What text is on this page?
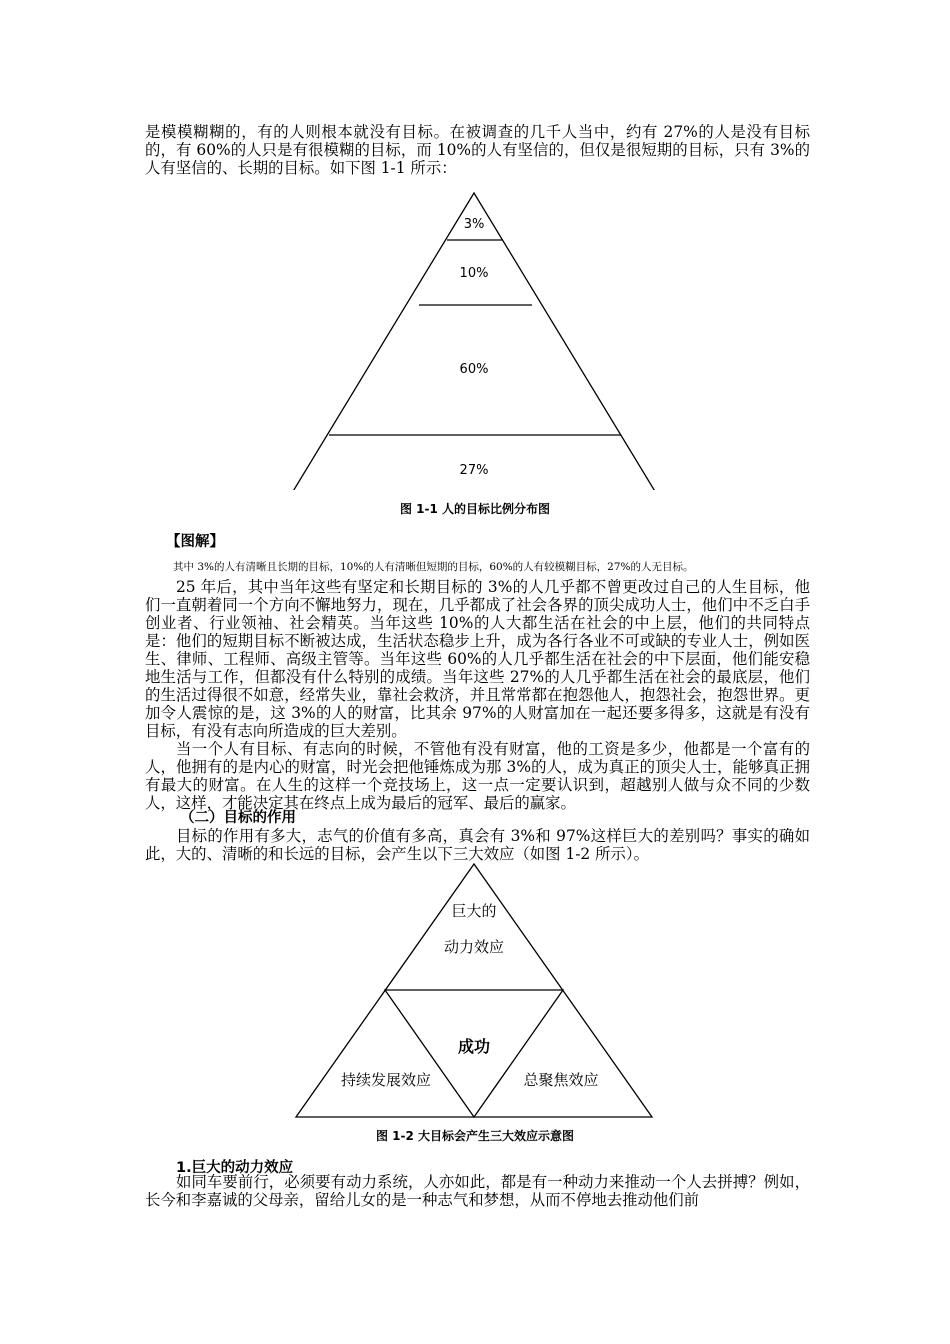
是模模糊糊的，有的人则根本就没有目标。在被调查的几千人当中，约有 27%的人是没有目标的，有 60%的人只是有很模糊的目标，而 10%的人有坚信的，但仅是很短期的目标，只有 3%的人有坚信的、长期的目标。如下图 1-1 所示：

3%
10%
60%
27%
图 1-1 人的目标比例分布图
【图解】

其中 3%的人有清晰且长期的目标，10%的人有清晰但短期的目标，60%的人有较模糊目标，27%的人无目标。

25 年后，其中当年这些有坚定和长期目标的 3%的人几乎都不曾更改过自己的人生目标，他们一直朝着同一个方向不懈地努力，现在，几乎都成了社会各界的顶尖成功人士，他们中不乏白手创业者、行业领袖、社会精英。当年这些 10%的人大都生活在社会的中上层，他们的共同特点是：他们的短期目标不断被达成，生活状态稳步上升，成为各行各业不可或缺的专业人士，例如医生、律师、工程师、高级主管等。当年这些 60%的人几乎都生活在社会的中下层面，他们能安稳地生活与工作，但都没有什么特别的成绩。当年这些 27%的人几乎都生活在社会的最底层，他们的生活过得很不如意，经常失业，靠社会救济，并且常常都在抱怨他人，抱怨社会，抱怨世界。更加令人震惊的是，这 3%的人的财富，比其余 97%的人财富加在一起还要多得多，这就是有没有目标，有没有志向所造成的巨大差别。

当一个人有目标、有志向的时候，不管他有没有财富，他的工资是多少，他都是一个富有的人，他拥有的是内心的财富，时光会把他锤炼成为那 3%的人，成为真正的顶尖人士，能够真正拥有最大的财富。在人生的这样一个竞技场上，这一点一定要认识到，超越别人做与众不同的少数人，这样，才能决定其在终点上成为最后的冠军、最后的赢家。

（二）目标的作用

目标的作用有多大，志气的价值有多高，真会有 3%和 97%这样巨大的差别吗？事实的确如此，大的、清晰的和长远的目标，会产生以下三大效应（如图 1-2 所示）。

巨大的
动力效应
成功
持续发展效应	总聚焦效应
图 1-2 大目标会产生三大效应示意图
1.巨大的动力效应

如同车要前行，必须要有动力系统，人亦如此，都是有一种动力来推动一个人去拼搏？例如，长今和李嘉诚的父母亲，留给儿女的是一种志气和梦想，从而不停地去推动他们前
